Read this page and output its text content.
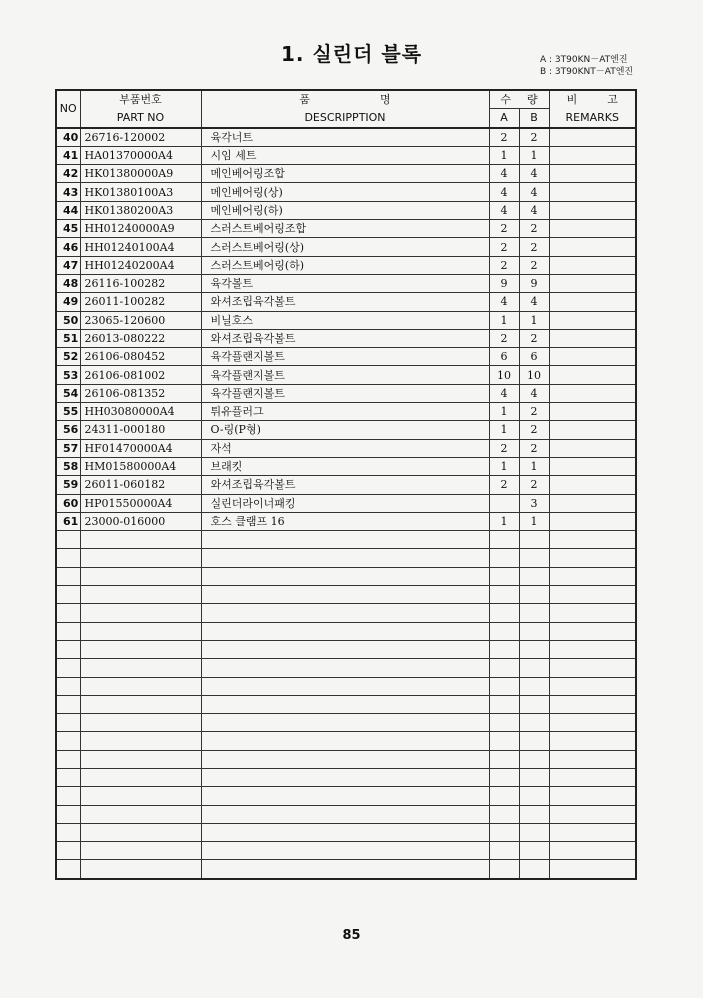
1. 실린더 블록	A : 3T90KN－AT엔진
B : 3T90KNT－AT엔진
NO	부품번호	품 명	수 량		비 고
	PART NO	DESCRIPPTION	A	B	REMARKS
40	26716-120002	육각너트	2	2	
41	HA01370000A4	시임 세트	1	1	
42	HK01380000A9	메인베어링조합	4	4	
43	HK01380100A3	메인베어링(상)	4	4	
44	HK01380200A3	메인베어링(하)	4	4	
45	HH01240000A9	스러스트베어링조합	2	2	
46	HH01240100A4	스러스트베어링(상)	2	2	
47	HH01240200A4	스러스트베어링(하)	2	2	
48	26116-100282	육각볼트	9	9	
49	26011-100282	와셔조립육각볼트	4	4	
50	23065-120600	비닐호스	1	1	
51	26013-080222	와셔조립육각볼트	2	2	
52	26106-080452	육각플랜지볼트	6	6	
53	26106-081002	육각플랜지볼트	10	10	
54	26106-081352	육각플랜지볼트	4	4	
55	HH03080000A4	튀유플러그	1	2	
56	24311-000180	O-링(P형)	1	2	
57	HF01470000A4	자석	2	2	
58	HM01580000A4	브래킷	1	1	
59	26011-060182	와셔조립육각볼트	2	2	
60	HP01550000A4	실린더라이너패킹		3	
61	23000-016000	호스 클램프 16	1	1	

85
